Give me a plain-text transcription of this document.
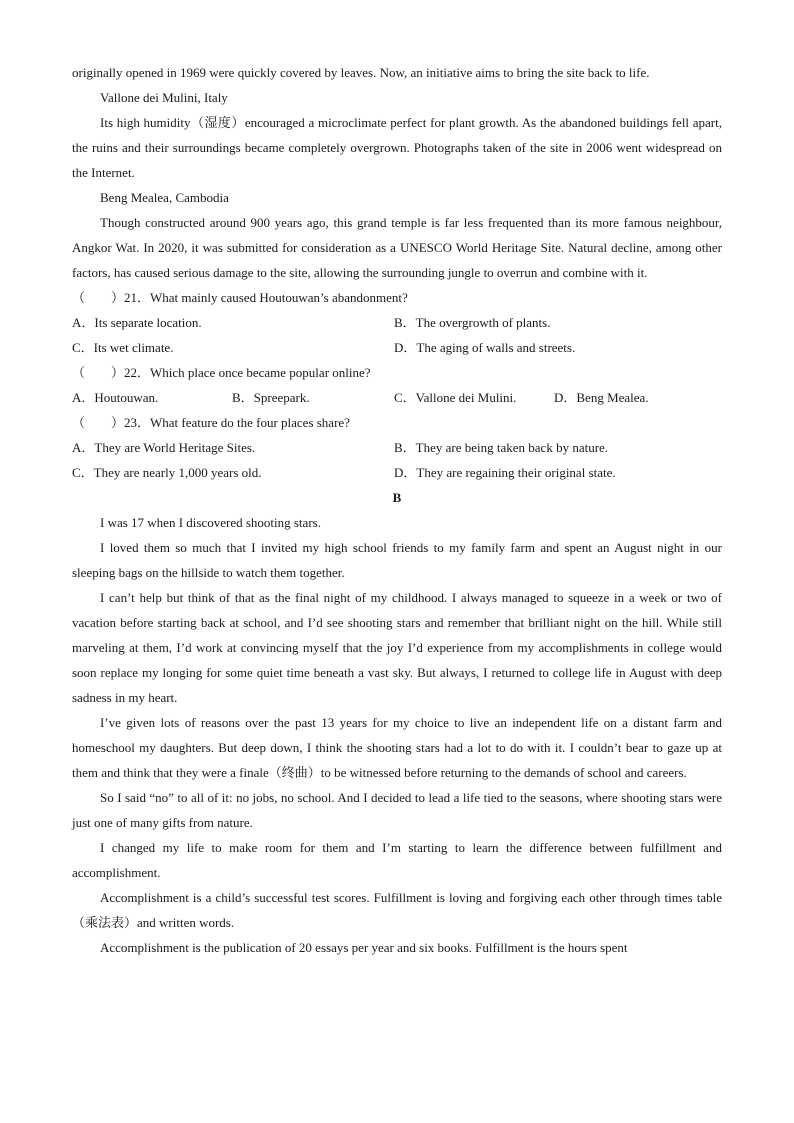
originally opened in 1969 were quickly covered by leaves. Now, an initiative aims to bring the site back to life.

Vallone dei Mulini, Italy

Its high humidity（湿度）encouraged a microclimate perfect for plant growth. As the abandoned buildings fell apart, the ruins and their surroundings became completely overgrown. Photographs taken of the site in 2006 went widespread on the Internet.

Beng Mealea, Cambodia

Though constructed around 900 years ago, this grand temple is far less frequented than its more famous neighbour, Angkor Wat. In 2020, it was submitted for consideration as a UNESCO World Heritage Site. Natural decline, among other factors, has caused serious damage to the site, allowing the surrounding jungle to overrun and combine with it.

（　　）21．What mainly caused Houtouwan’s abandonment?

A．Its separate location.	B．The overgrowth of plants.
C．Its wet climate.	D．The aging of walls and streets.

（　　）22．Which place once became popular online?

A．Houtouwan.	B．Spreepark.	C．Vallone dei Mulini.	D．Beng Mealea.

（　　）23．What feature do the four places share?

A．They are World Heritage Sites.	B．They are being taken back by nature.
C．They are nearly 1,000 years old.	D．They are regaining their original state.

B

I was 17 when I discovered shooting stars.

I loved them so much that I invited my high school friends to my family farm and spent an August night in our sleeping bags on the hillside to watch them together.

I can’t help but think of that as the final night of my childhood. I always managed to squeeze in a week or two of vacation before starting back at school, and I’d see shooting stars and remember that brilliant night on the hill. While still marveling at them, I’d work at convincing myself that the joy I’d experience from my accomplishments in college would soon replace my longing for some quiet time beneath a vast sky. But always, I returned to college life in August with deep sadness in my heart.

I’ve given lots of reasons over the past 13 years for my choice to live an independent life on a distant farm and homeschool my daughters. But deep down, I think the shooting stars had a lot to do with it. I couldn’t bear to gaze up at them and think that they were a finale（终曲）to be witnessed before returning to the demands of school and careers.

So I said “no” to all of it: no jobs, no school. And I decided to lead a life tied to the seasons, where shooting stars were just one of many gifts from nature.

I changed my life to make room for them and I’m starting to learn the difference between fulfillment and accomplishment.

Accomplishment is a child’s successful test scores. Fulfillment is loving and forgiving each other through times table（乘法表）and written words.

Accomplishment is the publication of 20 essays per year and six books. Fulfillment is the hours spent
